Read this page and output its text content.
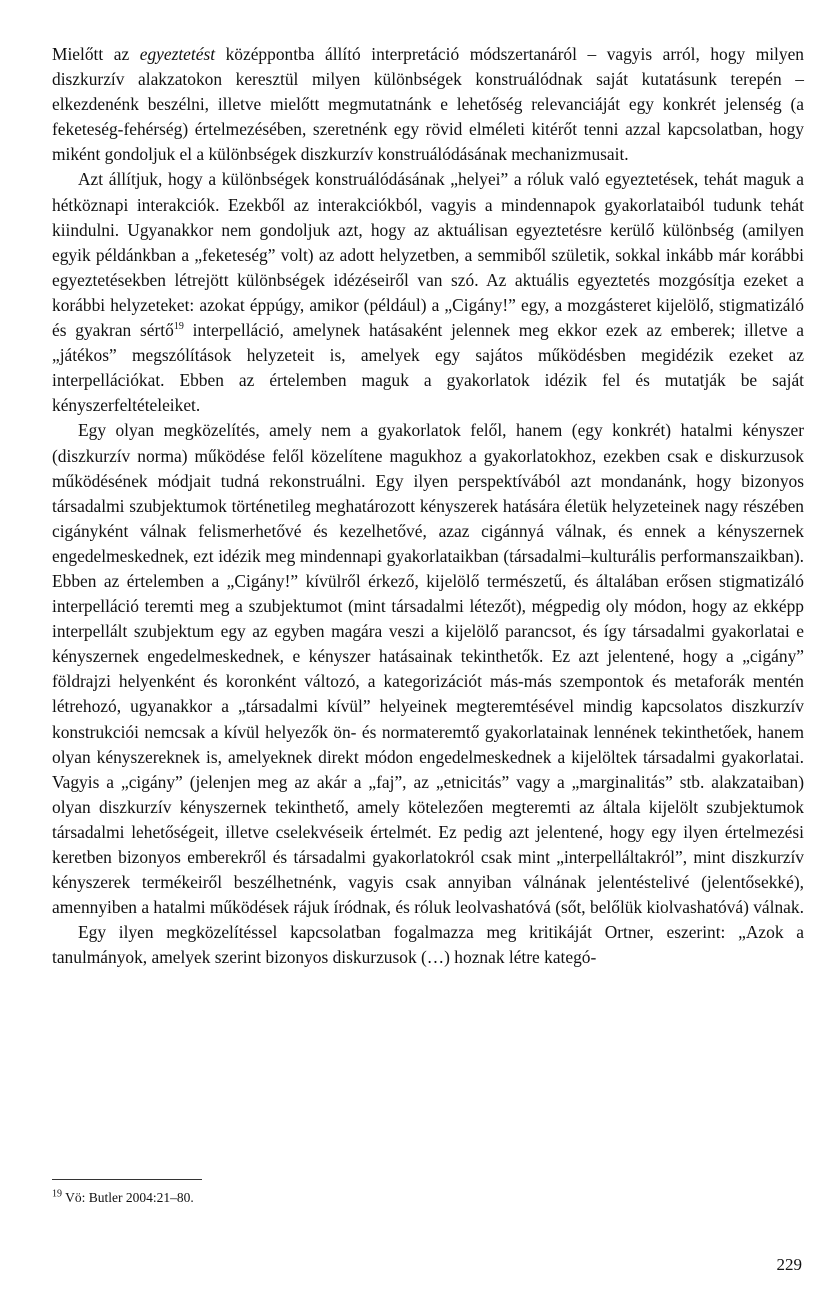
Mielőtt az egyeztetést középpontba állító interpretáció módszertanáról – vagyis arról, hogy milyen diszkurzív alakzatokon keresztül milyen különbségek konstruálódnak saját kutatásunk terepén – elkezdenénk beszélni, illetve mielőtt megmutatnánk e lehetőség relevanciáját egy konkrét jelenség (a feketeség-fehérség) értelmezésében, szeretnénk egy rövid elméleti kitérőt tenni azzal kapcsolatban, hogy miként gondoljuk el a különbségek diszkurzív konstruálódásának mechanizmusait.

Azt állítjuk, hogy a különbségek konstruálódásának „helyei” a róluk való egyeztetések, tehát maguk a hétköznapi interakciók. Ezekből az interakciókból, vagyis a mindennapok gyakorlataiból tudunk tehát kiindulni. Ugyanakkor nem gondoljuk azt, hogy az aktuálisan egyeztetésre kerülő különbség (amilyen egyik példánkban a „feketeség” volt) az adott helyzetben, a semmiből születik, sokkal inkább már korábbi egyeztetésekben létrejött különbségek idézéseiről van szó. Az aktuális egyeztetés mozgósítja ezeket a korábbi helyzeteket: azokat éppúgy, amikor (például) a „Cigány!” egy, a mozgásteret kijelölő, stigmatizáló és gyakran sértő$^{19}$ interpelláció, amelynek hatásaként jelennek meg ekkor ezek az emberek; illetve a „játékos” megszólítások helyzeteit is, amelyek egy sajátos működésben megidézik ezeket az interpellációkat. Ebben az értelemben maguk a gyakorlatok idézik fel és mutatják be saját kényszerfeltételeiket.

Egy olyan megközelítés, amely nem a gyakorlatok felől, hanem (egy konkrét) hatalmi kényszer (diszkurzív norma) működése felől közelítene magukhoz a gyakorlatokhoz, ezekben csak e diskurzusok működésének módjait tudná rekonstruálni. Egy ilyen perspektívából azt mondanánk, hogy bizonyos társadalmi szubjektumok történetileg meghatározott kényszerek hatására életük helyzeteinek nagy részében cigányként válnak felismerhetővé és kezelhetővé, azaz cigánnyá válnak, és ennek a kényszernek engedelmeskednek, ezt idézik meg mindennapi gyakorlataikban (társadalmi–kulturális performanszaikban). Ebben az értelemben a „Cigány!” kívülről érkező, kijelölő természetű, és általában erősen stigmatizáló interpelláció teremti meg a szubjektumot (mint társadalmi létezőt), mégpedig oly módon, hogy az ekképp interpellált szubjektum egy az egyben magára veszi a kijelölő parancsot, és így társadalmi gyakorlatai e kényszernek engedelmeskednek, e kényszer hatásainak tekinthetők. Ez azt jelentené, hogy a „cigány” földrajzi helyenként és koronként változó, a kategorizációt más-más szempontok és metaforák mentén létrehozó, ugyanakkor a „társadalmi kívül” helyeinek megteremtésével mindig kapcsolatos diszkurzív konstrukciói nemcsak a kívül helyezők ön- és normateremtő gyakorlatainak lennének tekinthetőek, hanem olyan kényszereknek is, amelyeknek direkt módon engedelmeskednek a kijelöltek társadalmi gyakorlatai. Vagyis a „cigány” (jelenjen meg az akár a „faj”, az „etnicitás” vagy a „marginalitás” stb. alakzataiban) olyan diszkurzív kényszernek tekinthető, amely kötelezően megteremti az általa kijelölt szubjektumok társadalmi lehetőségeit, illetve cselekvéseik értelmét. Ez pedig azt jelentené, hogy egy ilyen értelmezési keretben bizonyos emberekről és társadalmi gyakorlatokról csak mint „interpelláltakról”, mint diszkurzív kényszerek termékeiről beszélhetnénk, vagyis csak annyiban válnának jelentéstelivé (jelentősekké), amennyiben a hatalmi működések rájuk íródnak, és róluk leolvashatóvá (sőt, belőlük kiolvashatóvá) válnak.

Egy ilyen megközelítéssel kapcsolatban fogalmazza meg kritikáját Ortner, eszerint: „Azok a tanulmányok, amelyek szerint bizonyos diskurzusok (…) hoznak létre kategó-

$^{19}$ Vö: Butler 2004:21–80.
229
